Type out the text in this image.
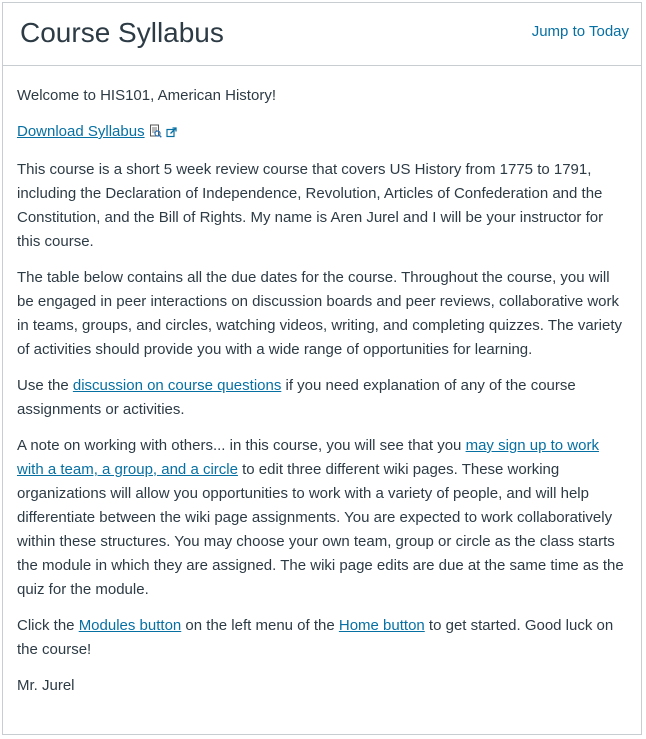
Course Syllabus	Jump to Today

Welcome to HIS101, American History!

Download Syllabus

This course is a short 5 week review course that covers US History from 1775 to 1791, including the Declaration of Independence, Revolution, Articles of Confederation and the Constitution, and the Bill of Rights. My name is Aren Jurel and I will be your instructor for this course.

The table below contains all the due dates for the course. Throughout the course, you will be engaged in peer interactions on discussion boards and peer reviews, collaborative work in teams, groups, and circles, watching videos, writing, and completing quizzes. The variety of activities should provide you with a wide range of opportunities for learning.

Use the discussion on course questions if you need explanation of any of the course assignments or activities.

A note on working with others... in this course, you will see that you may sign up to work with a team, a group, and a circle to edit three different wiki pages. These working organizations will allow you opportunities to work with a variety of people, and will help differentiate between the wiki page assignments. You are expected to work collaboratively within these structures. You may choose your own team, group or circle as the class starts the module in which they are assigned. The wiki page edits are due at the same time as the quiz for the module.

Click the Modules button on the left menu of the Home button to get started. Good luck on the course!

Mr. Jurel
